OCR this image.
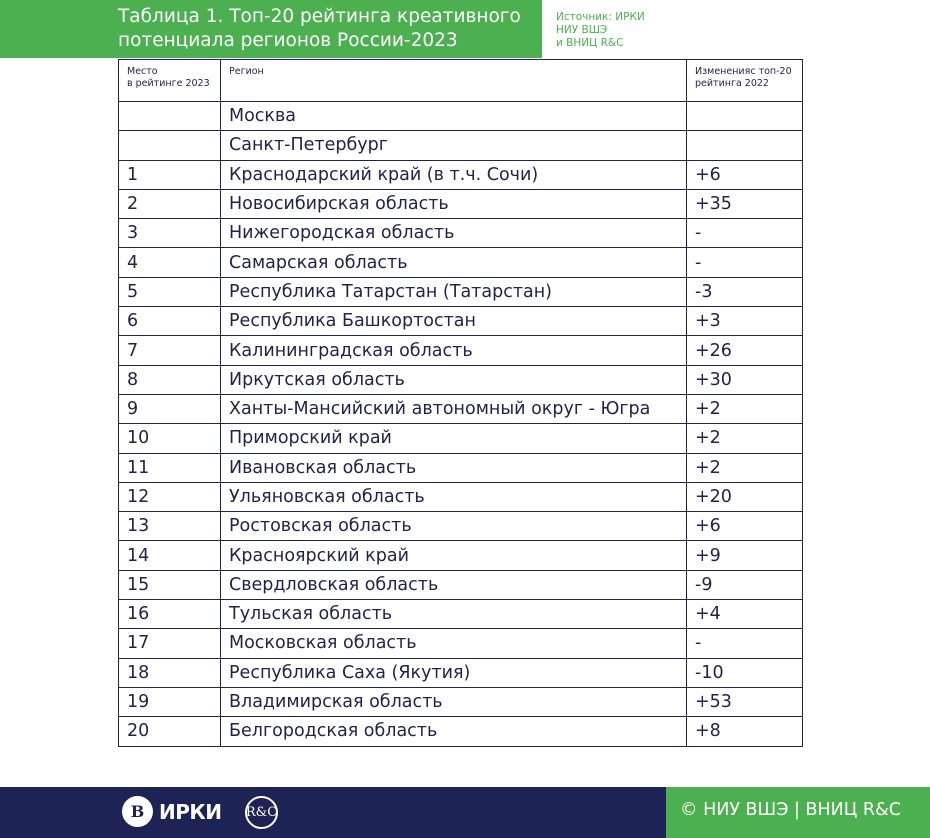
Таблица 1. Топ-20 рейтинга креативного
потенциала регионов России-2023
Источник: ИРКИ
НИУ ВШЭ
и ВНИЦ R&C
Место
в рейтинге 2023	Регион	Измененияс топ-20
рейтинга 2022
	Москва	
	Санкт-Петербург	
1	Краснодарский край (в т.ч. Сочи)	+6
2	Новосибирская область	+35
3	Нижегородская область	-
4	Самарская область	-
5	Республика Татарстан (Татарстан)	-3
6	Республика Башкортостан	+3
7	Калининградская область	+26
8	Иркутская область	+30
9	Ханты-Мансийский автономный округ - Югра	+2
10	Приморский край	+2
11	Ивановская область	+2
12	Ульяновская область	+20
13	Ростовская область	+6
14	Красноярский край	+9
15	Свердловская область	-9
16	Тульская область	+4
17	Московская область	-
18	Республика Саха (Якутия)	-10
19	Владимирская область	+53
20	Белгородская область	+8
В ИРКИ R&C	© НИУ ВШЭ | ВНИЦ R&C
